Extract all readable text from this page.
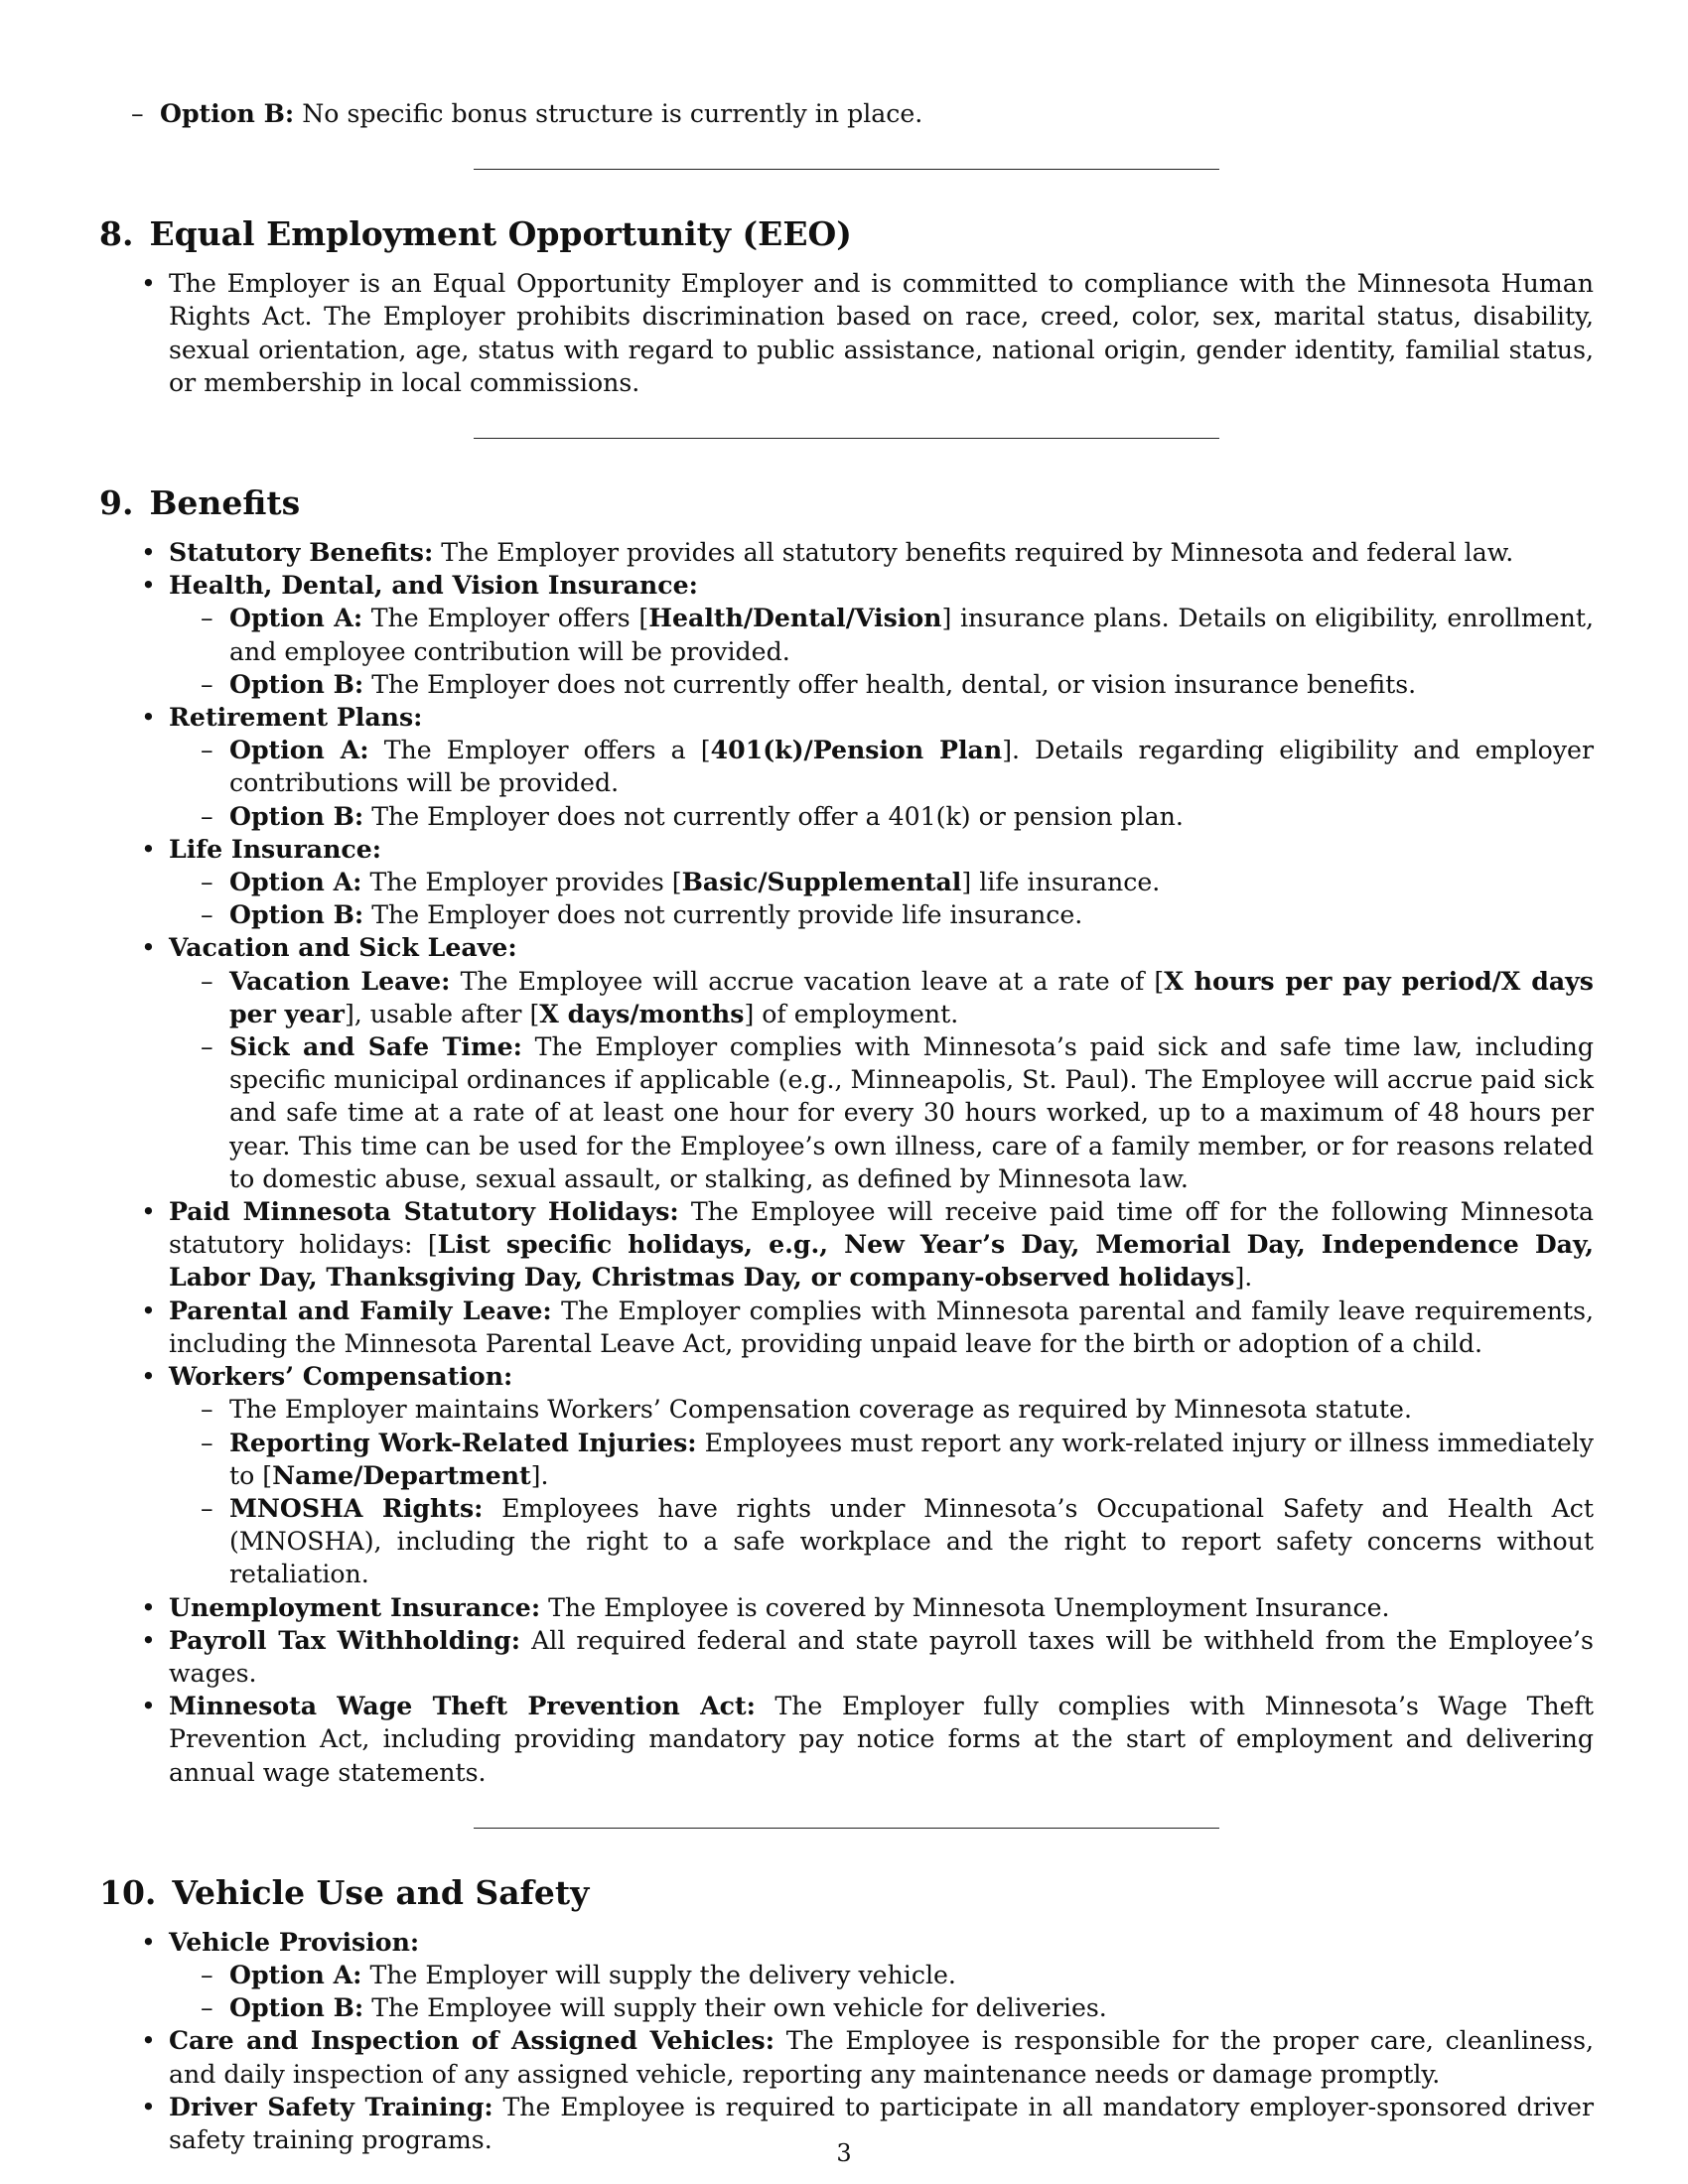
– Option B: No specific bonus structure is currently in place.
8. Equal Employment Opportunity (EEO)
• The Employer is an Equal Opportunity Employer and is committed to compliance with the Minnesota Human Rights Act. The Employer prohibits discrimination based on race, creed, color, sex, marital status, disability, sexual orientation, age, status with regard to public assistance, national origin, gender identity, familial status, or membership in local commissions.
9. Benefits
• Statutory Benefits: The Employer provides all statutory benefits required by Minnesota and federal law.
• Health, Dental, and Vision Insurance:
– Option A: The Employer offers [Health/Dental/Vision] insurance plans. Details on eligibility, enrollment, and employee contribution will be provided.
– Option B: The Employer does not currently offer health, dental, or vision insurance benefits.
• Retirement Plans:
– Option A: The Employer offers a [401(k)/Pension Plan]. Details regarding eligibility and employer contributions will be provided.
– Option B: The Employer does not currently offer a 401(k) or pension plan.
• Life Insurance:
– Option A: The Employer provides [Basic/Supplemental] life insurance.
– Option B: The Employer does not currently provide life insurance.
• Vacation and Sick Leave:
– Vacation Leave: The Employee will accrue vacation leave at a rate of [X hours per pay period/X days per year], usable after [X days/months] of employment.
– Sick and Safe Time: The Employer complies with Minnesota’s paid sick and safe time law, including specific municipal ordinances if applicable (e.g., Minneapolis, St. Paul). The Employee will accrue paid sick and safe time at a rate of at least one hour for every 30 hours worked, up to a maximum of 48 hours per year. This time can be used for the Employee’s own illness, care of a family member, or for reasons related to domestic abuse, sexual assault, or stalking, as defined by Minnesota law.
• Paid Minnesota Statutory Holidays: The Employee will receive paid time off for the following Minnesota statutory holidays: [List specific holidays, e.g., New Year’s Day, Memorial Day, Independence Day, Labor Day, Thanksgiving Day, Christmas Day, or company-observed holidays].
• Parental and Family Leave: The Employer complies with Minnesota parental and family leave requirements, including the Minnesota Parental Leave Act, providing unpaid leave for the birth or adoption of a child.
• Workers’ Compensation:
– The Employer maintains Workers’ Compensation coverage as required by Minnesota statute.
– Reporting Work-Related Injuries: Employees must report any work-related injury or illness immediately to [Name/Department].
– MNOSHA Rights: Employees have rights under Minnesota’s Occupational Safety and Health Act (MNOSHA), including the right to a safe workplace and the right to report safety concerns without retaliation.
• Unemployment Insurance: The Employee is covered by Minnesota Unemployment Insurance.
• Payroll Tax Withholding: All required federal and state payroll taxes will be withheld from the Employee’s wages.
• Minnesota Wage Theft Prevention Act: The Employer fully complies with Minnesota’s Wage Theft Prevention Act, including providing mandatory pay notice forms at the start of employment and delivering annual wage statements.
10. Vehicle Use and Safety
• Vehicle Provision:
– Option A: The Employer will supply the delivery vehicle.
– Option B: The Employee will supply their own vehicle for deliveries.
• Care and Inspection of Assigned Vehicles: The Employee is responsible for the proper care, cleanliness, and daily inspection of any assigned vehicle, reporting any maintenance needs or damage promptly.
• Driver Safety Training: The Employee is required to participate in all mandatory employer-sponsored driver safety training programs.	3
